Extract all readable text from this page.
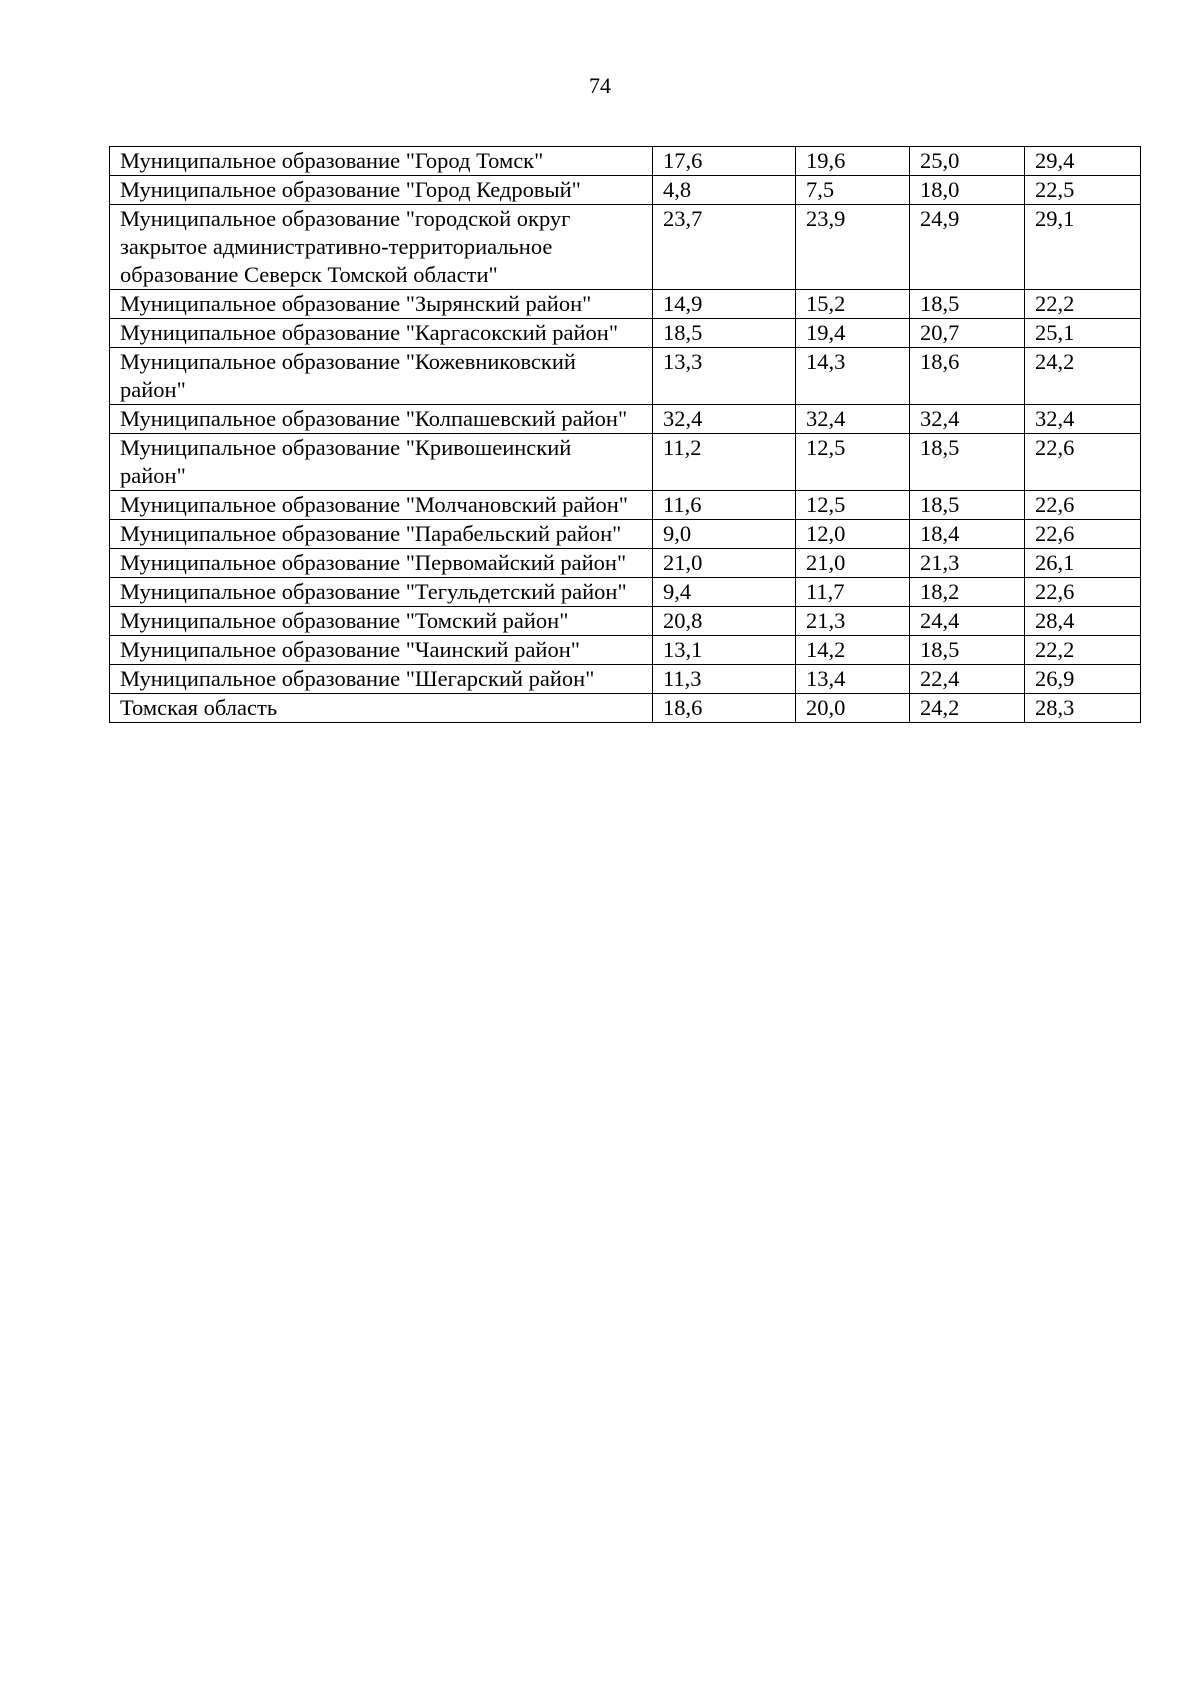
74
Муниципальное образование "Город Томск"	17,6	19,6	25,0	29,4
Муниципальное образование "Город Кедровый"	4,8	7,5	18,0	22,5
Муниципальное образование "городской округ закрытое административно-территориальное образование Северск Томской области"	23,7	23,9	24,9	29,1
Муниципальное образование "Зырянский район"	14,9	15,2	18,5	22,2
Муниципальное образование "Каргасокский район"	18,5	19,4	20,7	25,1
Муниципальное образование "Кожевниковский район"	13,3	14,3	18,6	24,2
Муниципальное образование "Колпашевский район"	32,4	32,4	32,4	32,4
Муниципальное образование "Кривошеинский район"	11,2	12,5	18,5	22,6
Муниципальное образование "Молчановский район"	11,6	12,5	18,5	22,6
Муниципальное образование "Парабельский район"	9,0	12,0	18,4	22,6
Муниципальное образование "Первомайский район"	21,0	21,0	21,3	26,1
Муниципальное образование "Тегульдетский район"	9,4	11,7	18,2	22,6
Муниципальное образование "Томский район"	20,8	21,3	24,4	28,4
Муниципальное образование "Чаинский район"	13,1	14,2	18,5	22,2
Муниципальное образование "Шегарский район"	11,3	13,4	22,4	26,9
Томская область	18,6	20,0	24,2	28,3
